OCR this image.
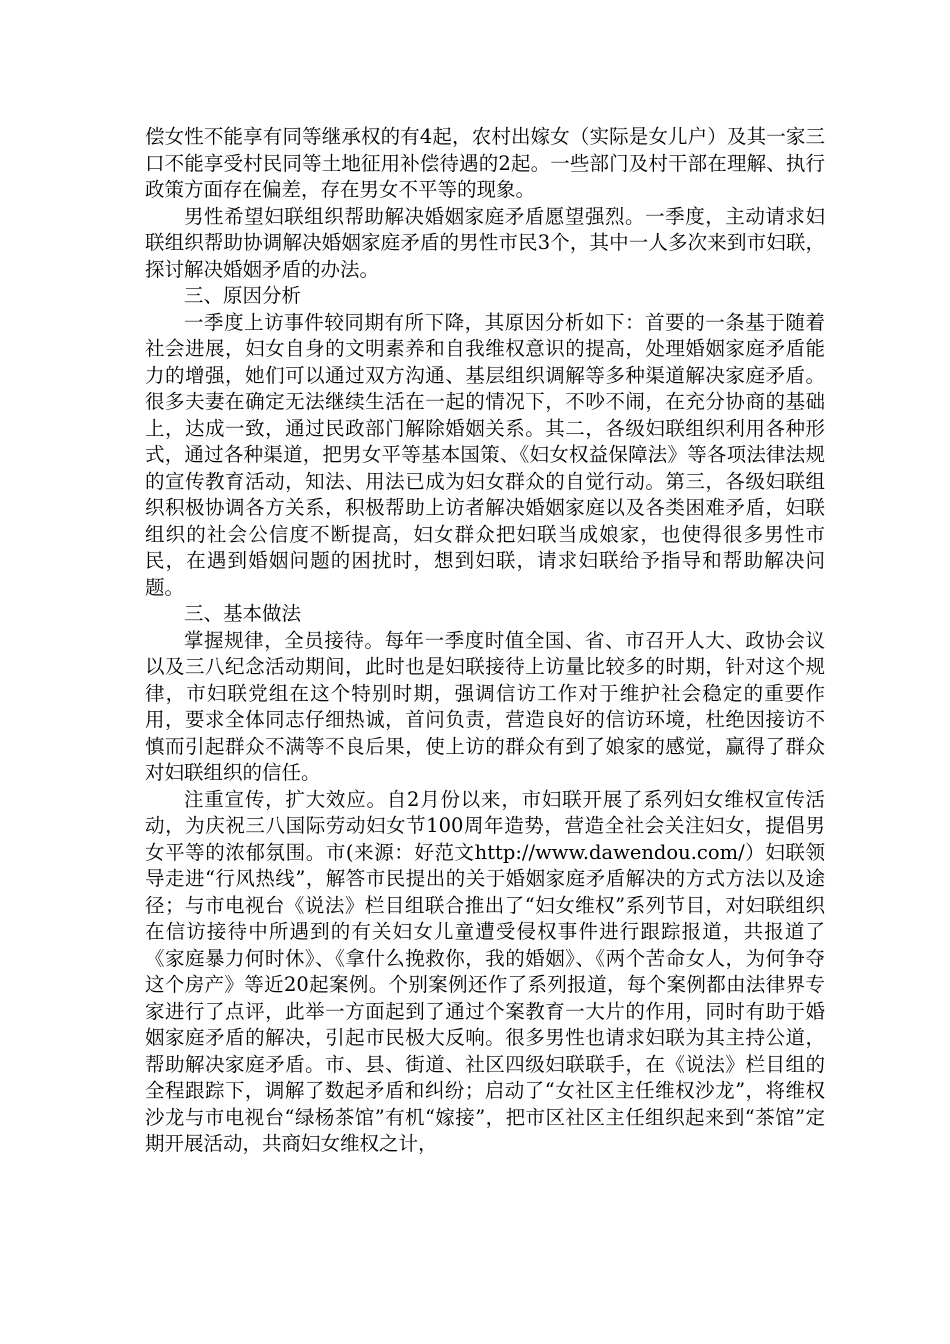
偿女性不能享有同等继承权的有4起，农村出嫁女（实际是女儿户）及其一家三口不能享受村民同等土地征用补偿待遇的2起。一些部门及村干部在理解、执行政策方面存在偏差，存在男女不平等的现象。

男性希望妇联组织帮助解决婚姻家庭矛盾愿望强烈。一季度，主动请求妇联组织帮助协调解决婚姻家庭矛盾的男性市民3个，其中一人多次来到市妇联，探讨解决婚姻矛盾的办法。

三、原因分析

一季度上访事件较同期有所下降，其原因分析如下：首要的一条基于随着社会进展，妇女自身的文明素养和自我维权意识的提高，处理婚姻家庭矛盾能力的增强，她们可以通过双方沟通、基层组织调解等多种渠道解决家庭矛盾。很多夫妻在确定无法继续生活在一起的情况下，不吵不闹，在充分协商的基础上，达成一致，通过民政部门解除婚姻关系。其二，各级妇联组织利用各种形式，通过各种渠道，把男女平等基本国策、《妇女权益保障法》等各项法律法规的宣传教育活动，知法、用法已成为妇女群众的自觉行动。第三，各级妇联组织积极协调各方关系，积极帮助上访者解决婚姻家庭以及各类困难矛盾，妇联组织的社会公信度不断提高，妇女群众把妇联当成娘家，也使得很多男性市民，在遇到婚姻问题的困扰时，想到妇联，请求妇联给予指导和帮助解决问题。

三、基本做法

掌握规律，全员接待。每年一季度时值全国、省、市召开人大、政协会议以及三八纪念活动期间，此时也是妇联接待上访量比较多的时期，针对这个规律，市妇联党组在这个特别时期，强调信访工作对于维护社会稳定的重要作用，要求全体同志仔细热诚，首问负责，营造良好的信访环境，杜绝因接访不慎而引起群众不满等不良后果，使上访的群众有到了娘家的感觉，赢得了群众对妇联组织的信任。

注重宣传，扩大效应。自2月份以来，市妇联开展了系列妇女维权宣传活动，为庆祝三八国际劳动妇女节100周年造势，营造全社会关注妇女，提倡男女平等的浓郁氛围。市(来源：好范文http://www.dawendou.com/）妇联领导走进“行风热线”，解答市民提出的关于婚姻家庭矛盾解决的方式方法以及途径；与市电视台《说法》栏目组联合推出了“妇女维权”系列节目，对妇联组织在信访接待中所遇到的有关妇女儿童遭受侵权事件进行跟踪报道，共报道了《家庭暴力何时休》、《拿什么挽救你，我的婚姻》、《两个苦命女人，为何争夺这个房产》等近20起案例。个别案例还作了系列报道，每个案例都由法律界专家进行了点评，此举一方面起到了通过个案教育一大片的作用，同时有助于婚姻家庭矛盾的解决，引起市民极大反响。很多男性也请求妇联为其主持公道，帮助解决家庭矛盾。市、县、街道、社区四级妇联联手，在《说法》栏目组的全程跟踪下，调解了数起矛盾和纠纷；启动了“女社区主任维权沙龙”，将维权沙龙与市电视台“绿杨茶馆”有机“嫁接”，把市区社区主任组织起来到“茶馆”定期开展活动，共商妇女维权之计，
